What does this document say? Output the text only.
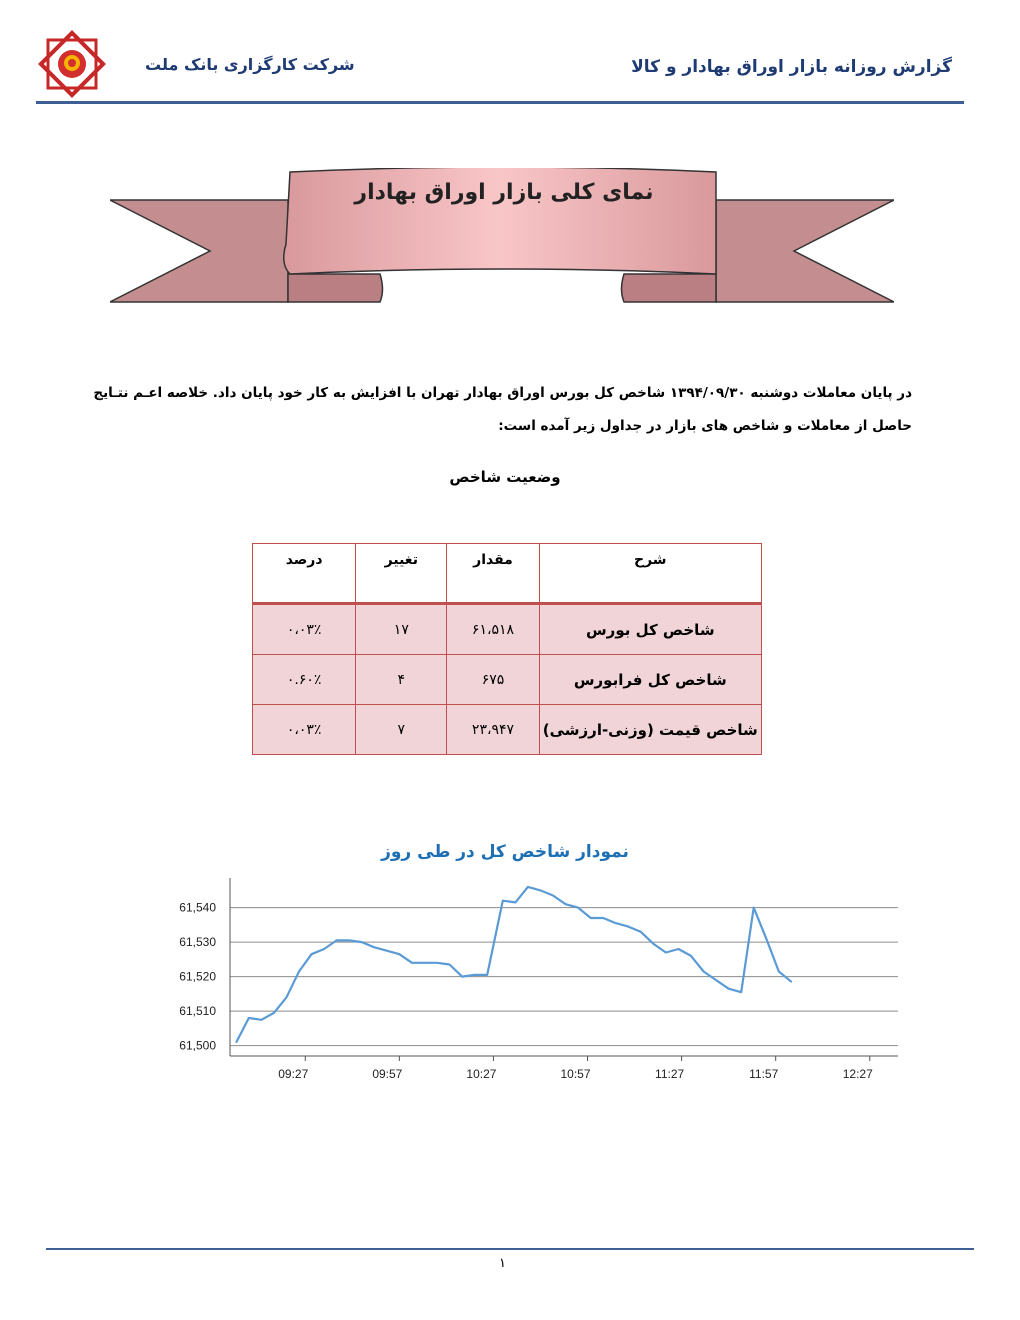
شرکت کارگزاری بانک ملت	گزارش روزانه بازار اوراق بهادار و کالا
نمای کلی بازار اوراق بهادار
در پایان معاملات دوشنبه ۱۳۹۴/۰۹/۳۰ شاخص کل بورس اوراق بهادار تهران با افزایش به کار خود پایان داد. خلاصه اعـم نتـایج
حاصل از معاملات و شاخص های بازار در جداول زیر آمده است:
وضعیت شاخص
شرح	مقدار	تغییر	درصد
شاخص کل بورس	۶۱،۵۱۸	۱۷	۰،۰۳٪
شاخص کل فرابورس	۶۷۵	۴	۰.۶۰٪
شاخص قیمت (وزنی-ارزشی)	۲۳،۹۴۷	۷	۰،۰۳٪
نمودار شاخص کل در طی روز
61,500
61,510
61,520
61,530
61,540
09:27	09:57	10:27	10:57	11:27	11:57	12:27
۱
